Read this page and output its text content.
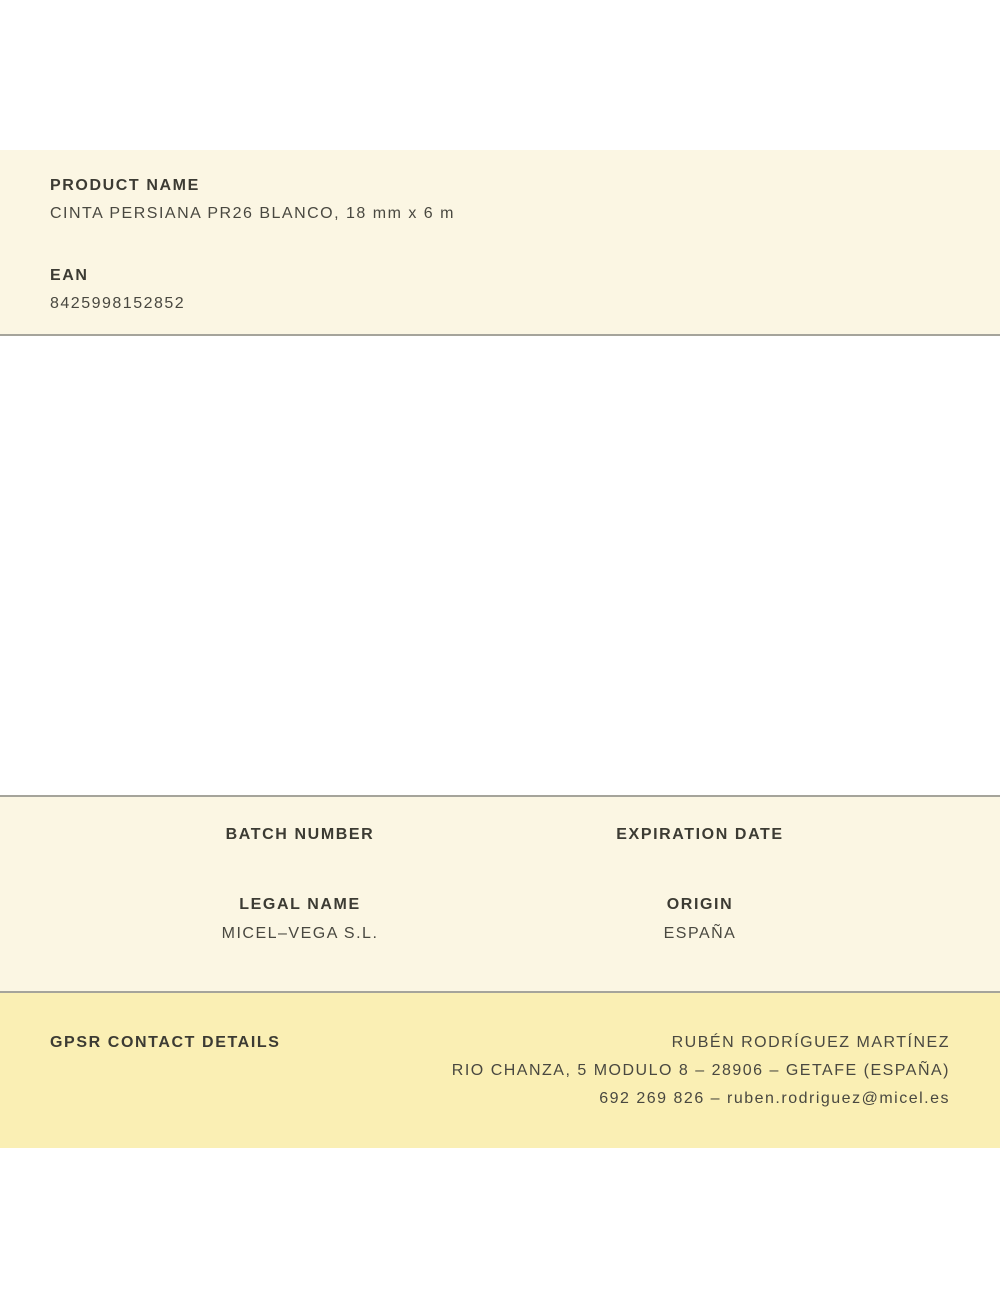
PRODUCT NAME
CINTA PERSIANA PR26 BLANCO, 18 mm x 6 m
EAN
8425998152852
BATCH NUMBER	EXPIRATION DATE
LEGAL NAME
MICEL–VEGA S.L.
ORIGIN
ESPAÑA
GPSR CONTACT DETAILS	RUBÉN RODRÍGUEZ MARTÍNEZ
RIO CHANZA, 5 MODULO 8 – 28906 – GETAFE (ESPAÑA)
692 269 826 – ruben.rodriguez@micel.es
